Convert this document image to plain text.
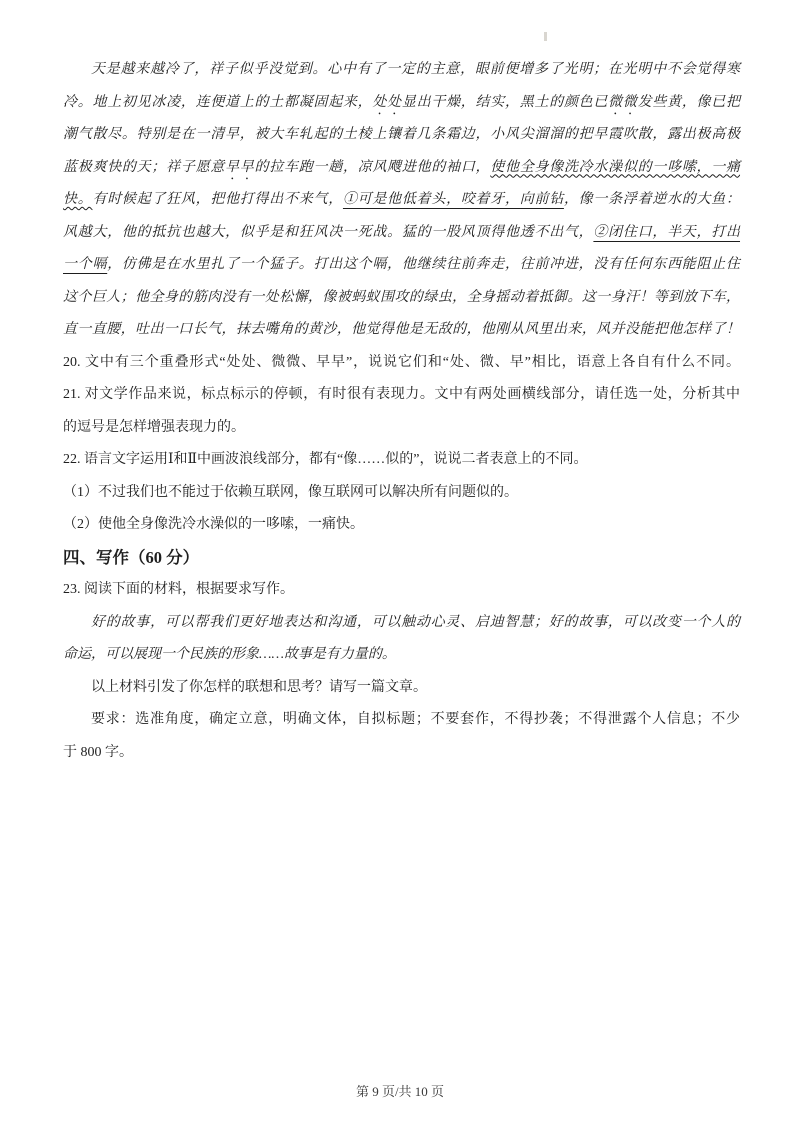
天是越来越冷了，祥子似乎没觉到。心中有了一定的主意，眼前便增多了光明；在光明中不会觉得寒

冷。地上初见冰凌，连便道上的土都凝固起来，处处显出干燥，结实，黑土的颜色已微微发些黄，像已把

潮气散尽。特别是在一清早，被大车轧起的土棱上镶着几条霜边，小风尖溜溜的把早霞吹散，露出极高极

蓝极爽快的天；祥子愿意早早的拉车跑一趟，凉风飕进他的袖口，使他全身像洗冷水澡似的一哆嗦，一痛

快。有时候起了狂风，把他打得出不来气，①可是他低着头，咬着牙，向前钻，像一条浮着逆水的大鱼：

风越大，他的抵抗也越大，似乎是和狂风决一死战。猛的一股风顶得他透不出气，②闭住口，半天，打出

一个嗝，仿佛是在水里扎了一个猛子。打出这个嗝，他继续往前奔走，往前冲进，没有任何东西能阻止住

这个巨人；他全身的筋肉没有一处松懈，像被蚂蚁围攻的绿虫，全身摇动着抵御。这一身汗！等到放下车，

直一直腰，吐出一口长气，抹去嘴角的黄沙，他觉得他是无敌的，他刚从风里出来，风并没能把他怎样了！

20. 文中有三个重叠形式“处处、微微、早早”，说说它们和“处、微、早”相比，语意上各自有什么不同。

21. 对文学作品来说，标点标示的停顿，有时很有表现力。文中有两处画横线部分，请任选一处，分析其中

的逗号是怎样增强表现力的。

22. 语言文字运用Ⅰ和Ⅱ中画波浪线部分，都有“像……似的”，说说二者表意上的不同。

（1）不过我们也不能过于依赖互联网，像互联网可以解决所有问题似的。

（2）使他全身像洗冷水澡似的一哆嗦，一痛快。

四、写作（60 分）

23. 阅读下面的材料，根据要求写作。

好的故事，可以帮我们更好地表达和沟通，可以触动心灵、启迪智慧；好的故事，可以改变一个人的

命运，可以展现一个民族的形象……故事是有力量的。

以上材料引发了你怎样的联想和思考？请写一篇文章。

要求：选准角度，确定立意，明确文体，自拟标题；不要套作，不得抄袭；不得泄露个人信息；不少

于 800 字。

第 9 页/共 10 页
